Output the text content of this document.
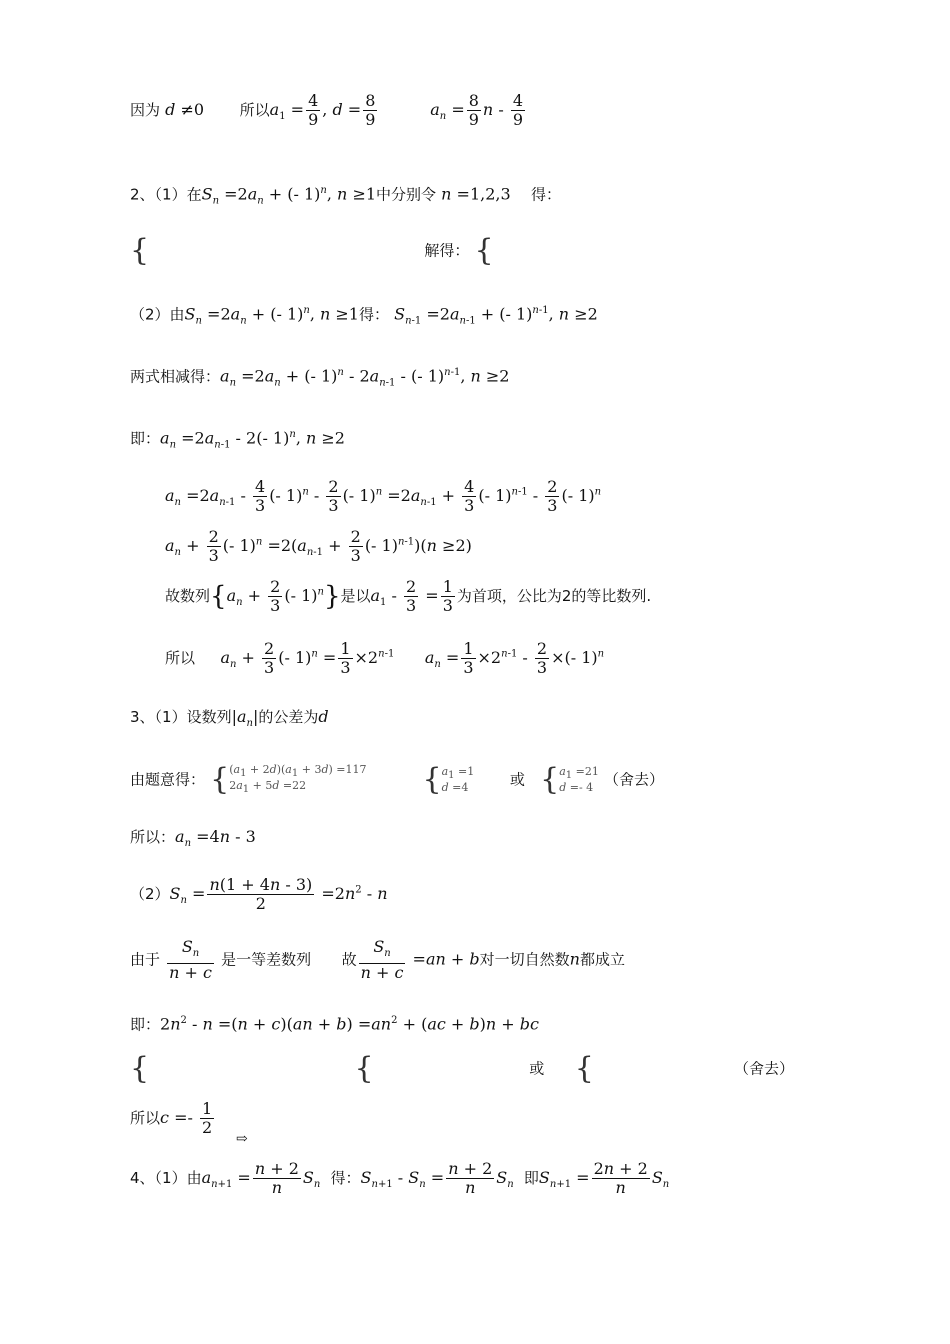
因为 d ≠0       所以$a_1 = \frac{4}{9}$ , $d = \frac{8}{9}$	$a_n = \frac{8}{9}$ n - $\frac{4}{9}$
2、（1）在$S_n =2a_n$ + (- 1)$^n$, n ≥1中分别令 n =1,2,3    得：
{	解得： {
（2）由$S_n =2a_n$ + (- 1)$^n$, n ≥1得： $S_{n-1} =2a_{n-1}$ + (- 1)$^{n-1}$, n ≥2
两式相减得：$a_n =2a_n$ + (- $1)^n - 2a_{n-1}$ - (- 1)$^{n-1}$, n ≥2
即：$a_n =2a_{n-1} - 2(-$ 1)$^n$, n ≥2
$a_n =2a_{n-1} - \frac{4}{3}$ (- $1)^n - \frac{2}{3}$ (- $1)^n =2a_{n-1} + \frac{4}{3}$ (- $1)^{n-1} - \frac{2}{3}$ (- 1)$^n$
$a_n + \frac{2}{3}$ (- $1)^n =2(a_{n-1} + \frac{2}{3}$ (- 1)$^{n-1}$)(n ≥2)
故数列{$a_n + \frac{2}{3}$ (- 1)$^n$}是以$a_1 - \frac{2}{3} = \frac{1}{3}$ 为首项，公比为2的等比数列.
所以 $a_n + \frac{2}{3}$ (- $1)^n = \frac{1}{3} \times 2^{n-1}$ $a_n = \frac{1}{3} \times 2^{n-1} - \frac{2}{3}$ ×(- 1)$^n$
3、（1）设数列$|a_n|$的公差为d
由题意得： {$(a_1 + 2d)(a_1 + 3d) =117$
$2a_1 + 5d =22$	{$a_1 =1$
d =4	或 {$a_1 =21$
d =- 4 （舍去）
所以：$a_n =4n - 3$
$(2)S_n = \frac{n(1 + 4n - 3)}{2} =2n^2 - n$
由于 $\frac{S_n}{n + c}$ 是一等差数列 故 $\frac{S_n}{n + c} =an + b$对一切自然数n都成立
即：$2n^2 - n =(n + c)(an + b) =an^2 + (ac + b)n$ + bc
{	{	或 {	（舍去）
所以$c =- \frac{1}{2}$
⇨
4、（1）由$a_{n+1} = \frac{n + 2}{n} S_n$ 得：$S_{n+1} - S_n = \frac{n + 2}{n} S_n$ 即$S_{n+1} = \frac{2n + 2}{n} S_n$
